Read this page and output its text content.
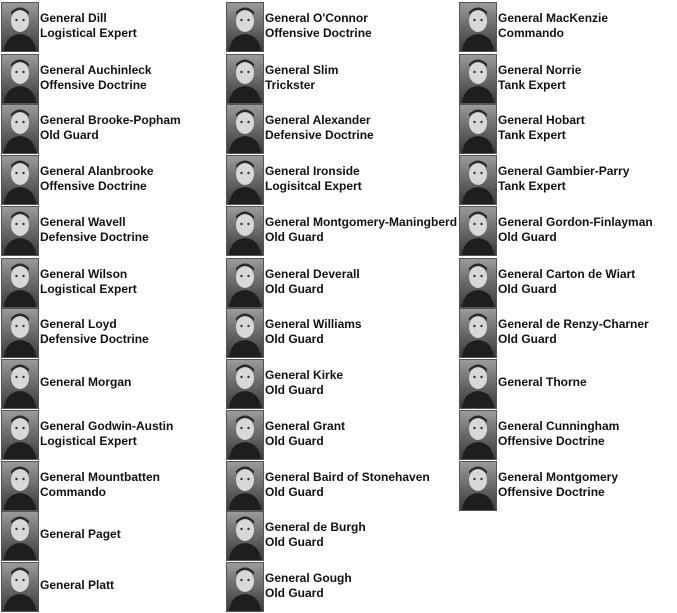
General Dill
Logistical Expert
General Auchinleck
Offensive Doctrine
General Brooke-Popham
Old Guard
General Alanbrooke
Offensive Doctrine
General Wavell
Defensive Doctrine
General Wilson
Logistical Expert
General Loyd
Defensive Doctrine
General Morgan
General Godwin-Austin
Logistical Expert
General Mountbatten
Commando
General Paget
General Platt
General O'Connor
Offensive Doctrine
General Slim
Trickster
General Alexander
Defensive Doctrine
General Ironside
Logisitcal Expert
General Montgomery-Maningberd
Old Guard
General Deverall
Old Guard
General Williams
Old Guard
General Kirke
Old Guard
General Grant
Old Guard
General Baird of Stonehaven
Old Guard
General de Burgh
Old Guard
General Gough
Old Guard
General MacKenzie
Commando
General Norrie
Tank Expert
General Hobart
Tank Expert
General Gambier-Parry
Tank Expert
General Gordon-Finlayman
Old Guard
General Carton de Wiart
Old Guard
General de Renzy-Charner
Old Guard
General Thorne
General Cunningham
Offensive Doctrine
General Montgomery
Offensive Doctrine
